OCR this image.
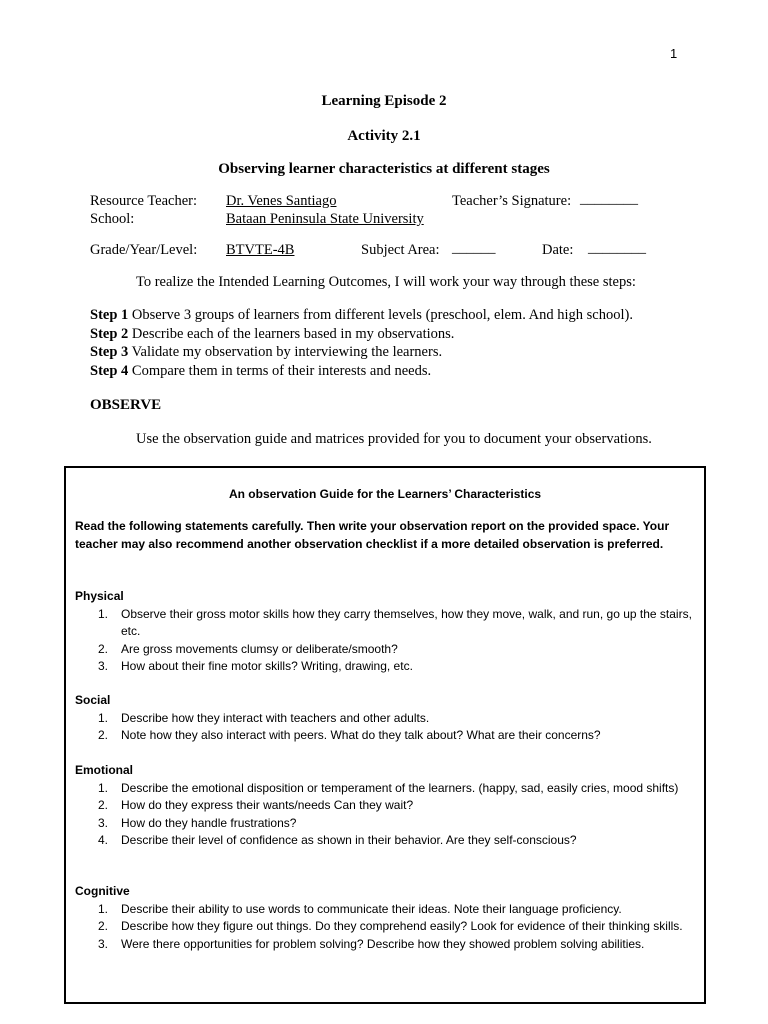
1
Learning Episode 2
Activity 2.1
Observing learner characteristics at different stages
Resource Teacher: Dr. Venes Santiago	Teacher’s Signature: ________
School:	Bataan Peninsula State University
Grade/Year/Level: BTVTE-4B	Subject Area: ______	Date: ________
To realize the Intended Learning Outcomes, I will work your way through these steps:
Step 1 Observe 3 groups of learners from different levels (preschool, elem. And high school).
Step 2 Describe each of the learners based in my observations.
Step 3 Validate my observation by interviewing the learners.
Step 4 Compare them in terms of their interests and needs.
OBSERVE
Use the observation guide and matrices provided for you to document your observations.
An observation Guide for the Learners’ Characteristics
Read the following statements carefully. Then write your observation report on the provided space. Your teacher may also recommend another observation checklist if a more detailed observation is preferred.
Physical
1. Observe their gross motor skills how they carry themselves, how they move, walk, and run, go up the stairs, etc.
2. Are gross movements clumsy or deliberate/smooth?
3. How about their fine motor skills? Writing, drawing, etc.
Social
1. Describe how they interact with teachers and other adults.
2. Note how they also interact with peers. What do they talk about? What are their concerns?
Emotional
1. Describe the emotional disposition or temperament of the learners. (happy, sad, easily cries, mood shifts)
2. How do they express their wants/needs Can they wait?
3. How do they handle frustrations?
4. Describe their level of confidence as shown in their behavior. Are they self-conscious?
Cognitive
1. Describe their ability to use words to communicate their ideas. Note their language proficiency.
2. Describe how they figure out things. Do they comprehend easily? Look for evidence of their thinking skills.
3. Were there opportunities for problem solving? Describe how they showed problem solving abilities.
